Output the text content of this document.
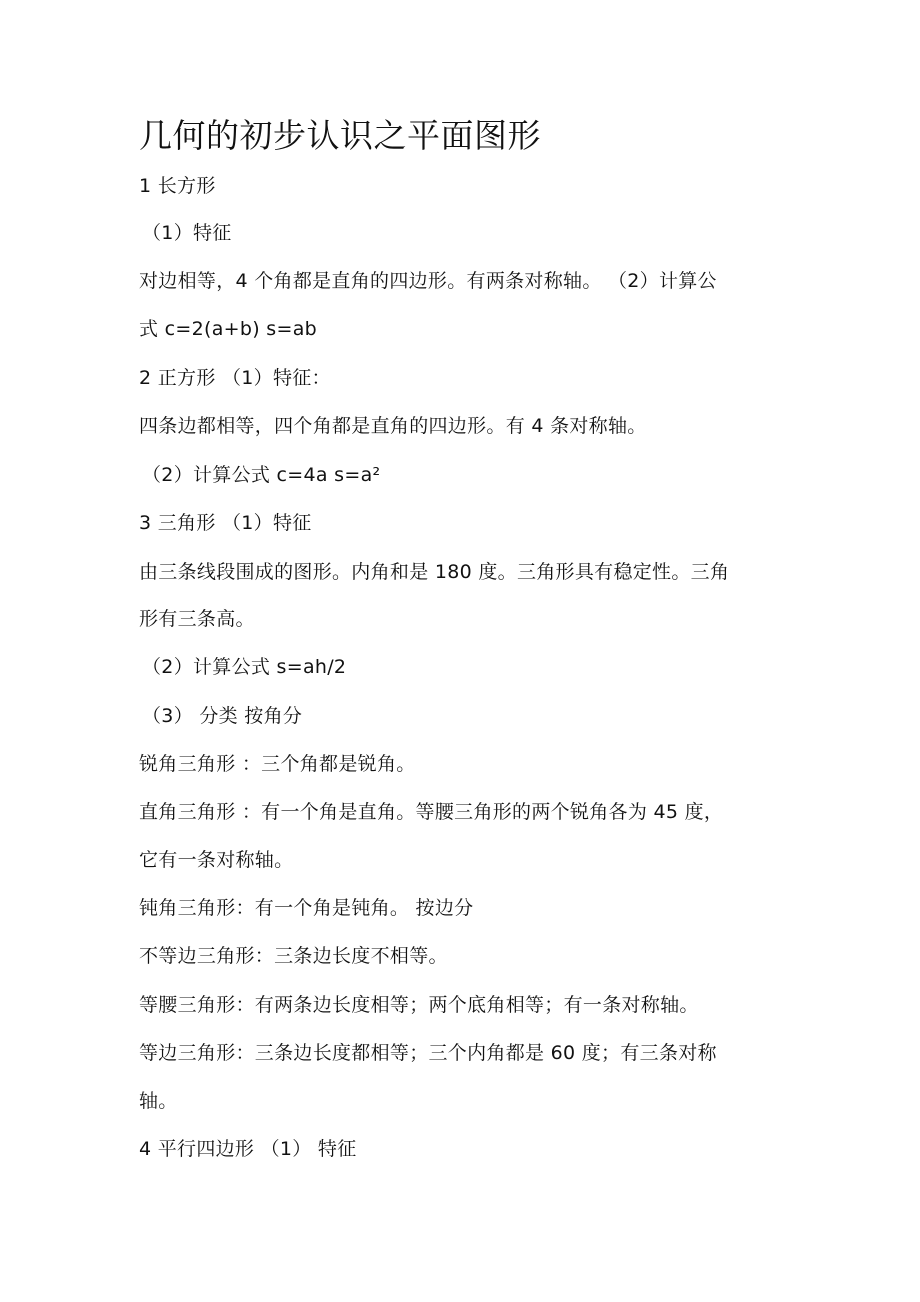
几何的初步认识之平面图形
1 长方形
（1）特征
对边相等，4 个角都是直角的四边形。有两条对称轴。 （2）计算公
式 c=2(a+b) s=ab
2 正方形 （1）特征：
四条边都相等，四个角都是直角的四边形。有 4 条对称轴。
（2）计算公式 c=4a s=a²
3 三角形 （1）特征
由三条线段围成的图形。内角和是 180 度。三角形具有稳定性。三角
形有三条高。
（2）计算公式 s=ah/2
（3） 分类 按角分
锐角三角形 ：三个角都是锐角。
直角三角形 ：有一个角是直角。等腰三角形的两个锐角各为 45 度，
它有一条对称轴。
钝角三角形：有一个角是钝角。 按边分
不等边三角形：三条边长度不相等。
等腰三角形：有两条边长度相等；两个底角相等；有一条对称轴。
等边三角形：三条边长度都相等；三个内角都是 60 度；有三条对称
轴。
4 平行四边形 （1） 特征
